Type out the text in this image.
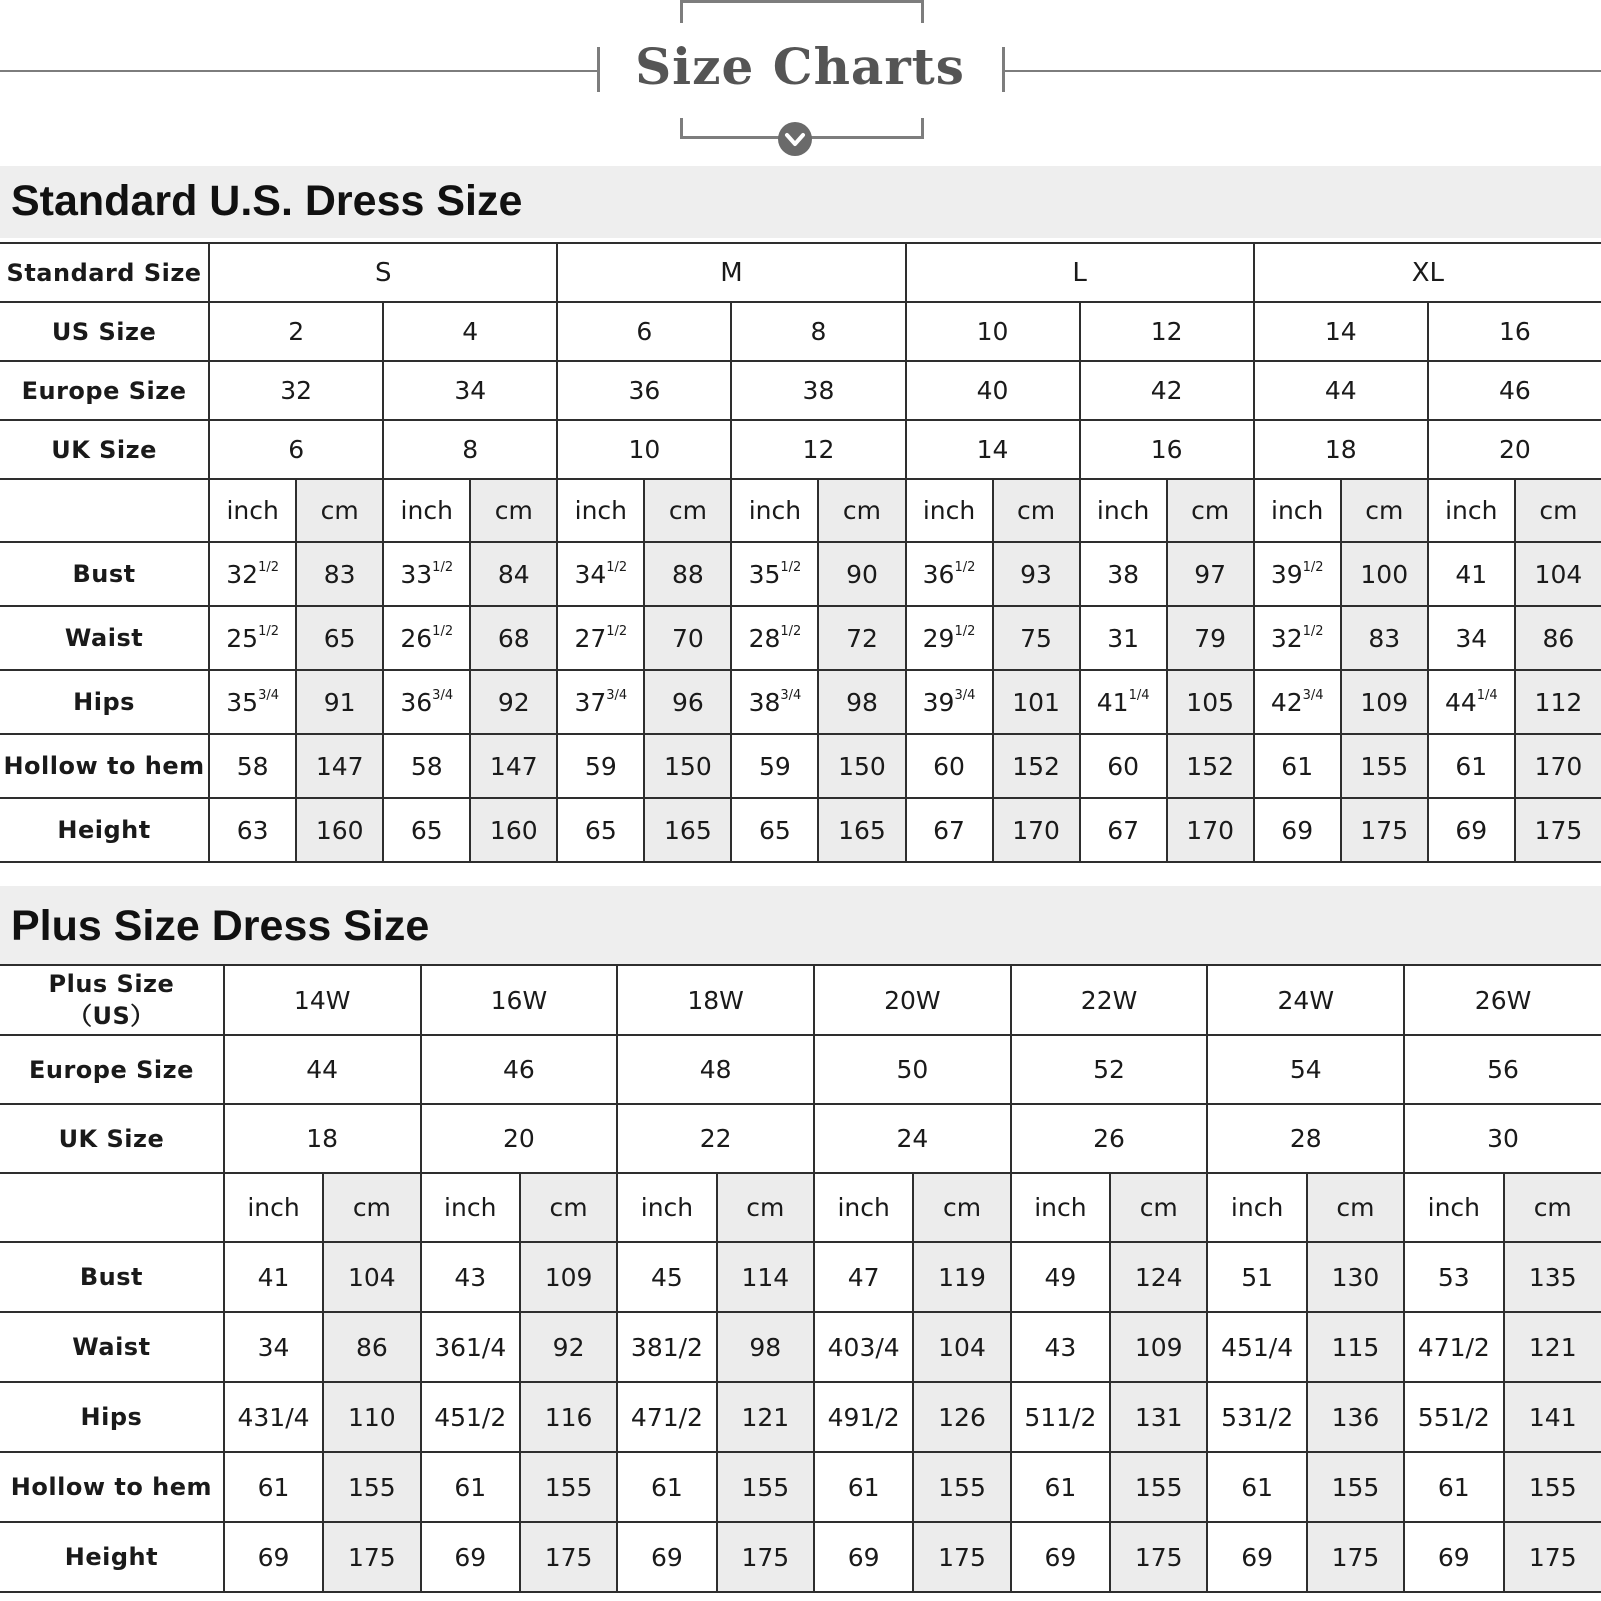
Size Charts
Standard U.S. Dress Size
Standard Size	S				M				L				XL			
US Size	2		4		6		8		10		12		14		16	
Europe Size	32		34		36		38		40		42		44		46	
UK Size	6		8		10		12		14		16		18		20	
	inch	cm	inch	cm	inch	cm	inch	cm	inch	cm	inch	cm	inch	cm	inch	cm
Bust	$32^{1/2}$	83	$33^{1/2}$	84	$34^{1/2}$	88	$35^{1/2}$	90	$36^{1/2}$	93	38	97	$39^{1/2}$	100	41	104
Waist	$25^{1/2}$	65	$26^{1/2}$	68	$27^{1/2}$	70	$28^{1/2}$	72	$29^{1/2}$	75	31	79	$32^{1/2}$	83	34	86
Hips	$35^{3/4}$	91	$36^{3/4}$	92	$37^{3/4}$	96	$38^{3/4}$	98	$39^{3/4}$	101	$41^{1/4}$	105	$42^{3/4}$	109	$44^{1/4}$	112
Hollow to hem	58	147	58	147	59	150	59	150	60	152	60	152	61	155	61	170
Height	63	160	65	160	65	165	65	165	67	170	67	170	69	175	69	175
Plus Size Dress Size
Plus Size
（US）	14W		16W		18W		20W		22W		24W		26W	
Europe Size	44		46		48		50		52		54		56	
UK Size	18		20		22		24		26		28		30	
	inch	cm	inch	cm	inch	cm	inch	cm	inch	cm	inch	cm	inch	cm
Bust	41	104	43	109	45	114	47	119	49	124	51	130	53	135
Waist	34	86	361/4	92	381/2	98	403/4	104	43	109	451/4	115	471/2	121
Hips	431/4	110	451/2	116	471/2	121	491/2	126	511/2	131	531/2	136	551/2	141
Hollow to hem	61	155	61	155	61	155	61	155	61	155	61	155	61	155
Height	69	175	69	175	69	175	69	175	69	175	69	175	69	175
